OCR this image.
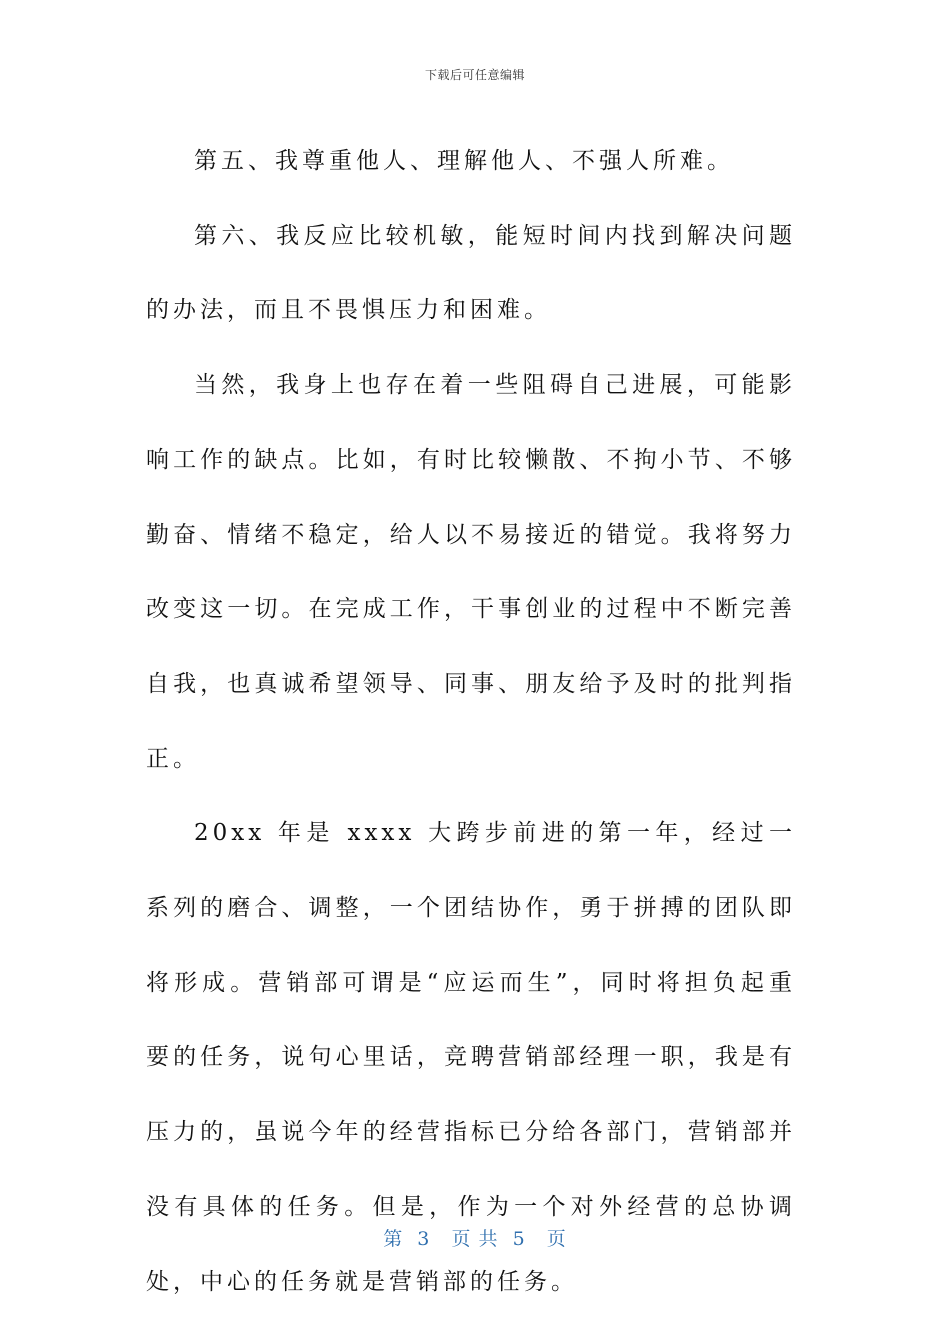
下载后可任意编辑

第五、我尊重他人、理解他人、不强人所难。

第六、我反应比较机敏，能短时间内找到解决问题的办法，而且不畏惧压力和困难。

当然，我身上也存在着一些阻碍自己进展，可能影响工作的缺点。比如，有时比较懒散、不拘小节、不够勤奋、情绪不稳定，给人以不易接近的错觉。我将努力改变这一切。在完成工作，干事创业的过程中不断完善自我，也真诚希望领导、同事、朋友给予及时的批判指正。

20xx 年是 xxxx 大跨步前进的第一年，经过一系列的磨合、调整，一个团结协作，勇于拼搏的团队即将形成。营销部可谓是“应运而生”，同时将担负起重要的任务，说句心里话，竞聘营销部经理一职，我是有压力的，虽说今年的经营指标已分给各部门，营销部并没有具体的任务。但是，作为一个对外经营的总协调处，中心的任务就是营销部的任务。

第  3   页 共  5   页
